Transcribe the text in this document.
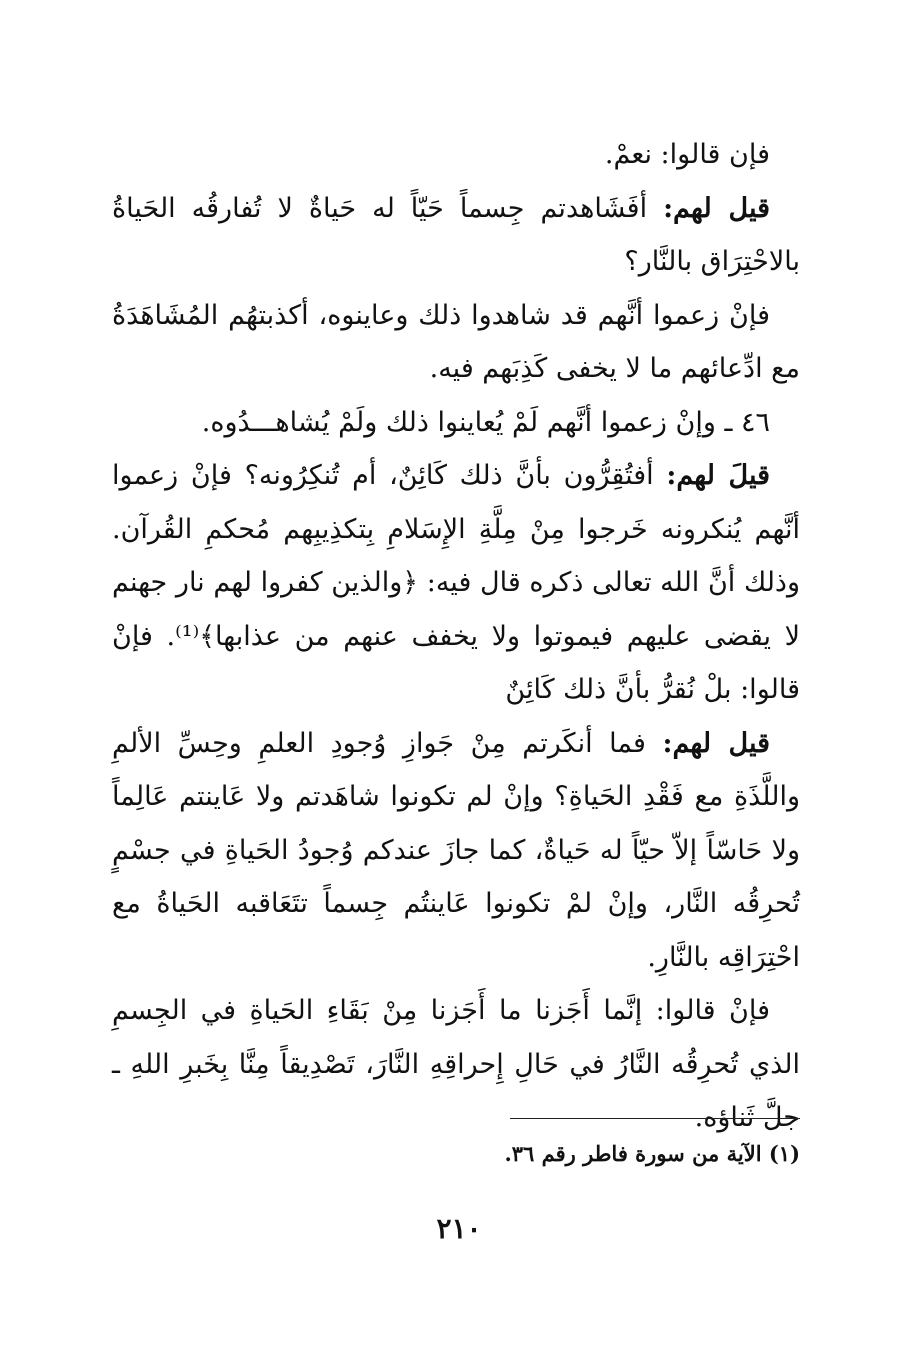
فإن قالوا: نعمْ.

قيل لهم: أفَشَاهدتم جِسماً حَيّاً له حَياةٌ لا تُفارقُه الحَياةُ بالاحْتِرَاق بالنَّار؟

فإنْ زعموا أنَّهم قد شاهدوا ذلك وعاينوه، أكذبتهُم المُشَاهَدَةُ مع ادِّعائهم ما لا يخفى كَذِبَهم فيه.

٤٦ ـ وإنْ زعموا أنَّهم لَمْ يُعاينوا ذلك ولَمْ يُشاهـــدُوه.

قيلَ لهم: أفتُقِرُّون بأنَّ ذلك كَائِنٌ، أم تُنكِرُونه؟ فإنْ زعموا أنَّهم يُنكرونه خَرجوا مِنْ مِلَّةِ الإِسَلامِ بِتكذِيبِهم مُحكمِ القُرآن. وذلك أنَّ الله تعالى ذكره قال فيه: ﴿والذين كفروا لهم نار جهنم لا يقضى عليهم فيموتوا ولا يخفف عنهم من عذابها﴾⁽¹⁾. فإنْ قالوا: بلْ نُقرُّ بأنَّ ذلك كَائِنٌ

قيل لهم: فما أنكَرتم مِنْ جَوازِ وُجودِ العلمِ وحِسِّ الألمِ واللَّذَةِ مع فَقْدِ الحَياةِ؟ وإنْ لم تكونوا شاهَدتم ولا عَاينتم عَالِماً ولا حَاسّاً إلاّ حيّاً له حَياةٌ، كما جازَ عندكم وُجودُ الحَياةِ في جسْمٍ تُحرِقُه النَّار، وإنْ لمْ تكونوا عَاينتُم جِسماً تتَعَاقبه الحَياةُ مع احْتِرَاقِه بالنَّارِ.

فإنْ قالوا: إنَّما أَجَزنا ما أَجَزنا مِنْ بَقَاءِ الحَياةِ في الجِسمِ الذي تُحرِقُه النَّارُ في حَالِ إِحراقِهِ النَّارَ، تَصْدِيقاً مِنَّا بِخَبرِ اللهِ ـ جلَّ ثَناؤه.

(١) الآية من سورة فاطر رقم ٣٦.
٢١٠
